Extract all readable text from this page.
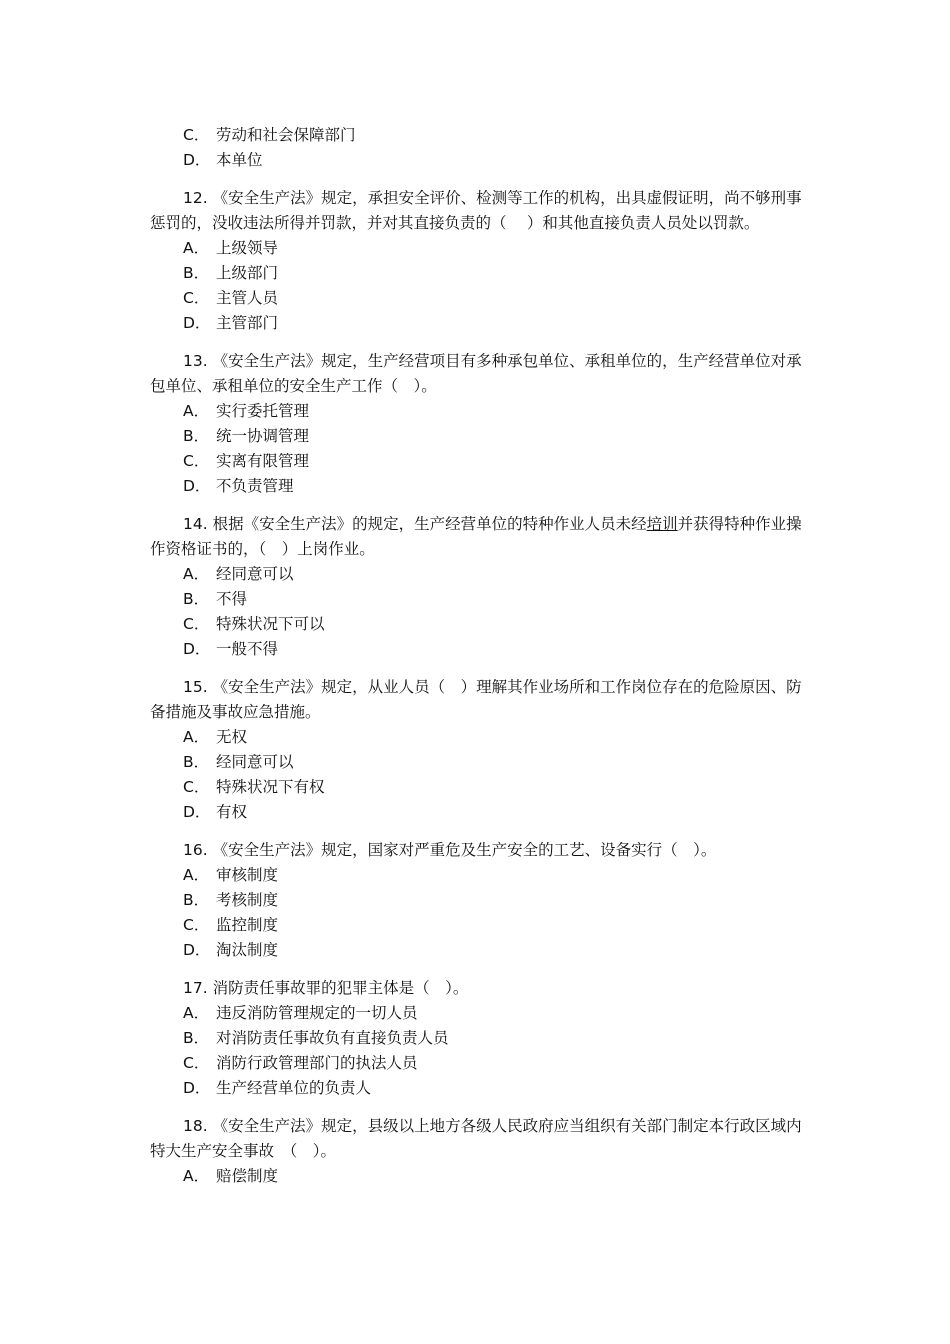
C． 劳动和社会保障部门
D． 本单位
12. 《安全生产法》规定，承担安全评价、检测等工作的机构，出具虚假证明，尚不够刑事惩罚的，没收违法所得并罚款，并对其直接负责的（　 ）和其他直接负责人员处以罚款。
A． 上级领导
B． 上级部门
C． 主管人员
D． 主管部门
13. 《安全生产法》规定，生产经营项目有多种承包单位、承租单位的，生产经营单位对承包单位、承租单位的安全生产工作（　）。
A． 实行委托管理
B． 统一协调管理
C． 实离有限管理
D． 不负责管理
14. 根据《安全生产法》的规定，生产经营单位的特种作业人员未经培训并获得特种作业操作资格证书的，（　）上岗作业。
A． 经同意可以
B． 不得
C． 特殊状况下可以
D． 一般不得
15. 《安全生产法》规定，从业人员（　）理解其作业场所和工作岗位存在的危险原因、防备措施及事故应急措施。
A． 无权
B． 经同意可以
C． 特殊状况下有权
D． 有权
16. 《安全生产法》规定，国家对严重危及生产安全的工艺、设备实行（　）。
A． 审核制度
B． 考核制度
C． 监控制度
D． 淘汰制度
17. 消防责任事故罪的犯罪主体是（　）。
A． 违反消防管理规定的一切人员
B． 对消防责任事故负有直接负责人员
C． 消防行政管理部门的执法人员
D． 生产经营单位的负责人
18. 《安全生产法》规定，县级以上地方各级人民政府应当组织有关部门制定本行政区域内特大生产安全事故　（　）。
A． 赔偿制度
